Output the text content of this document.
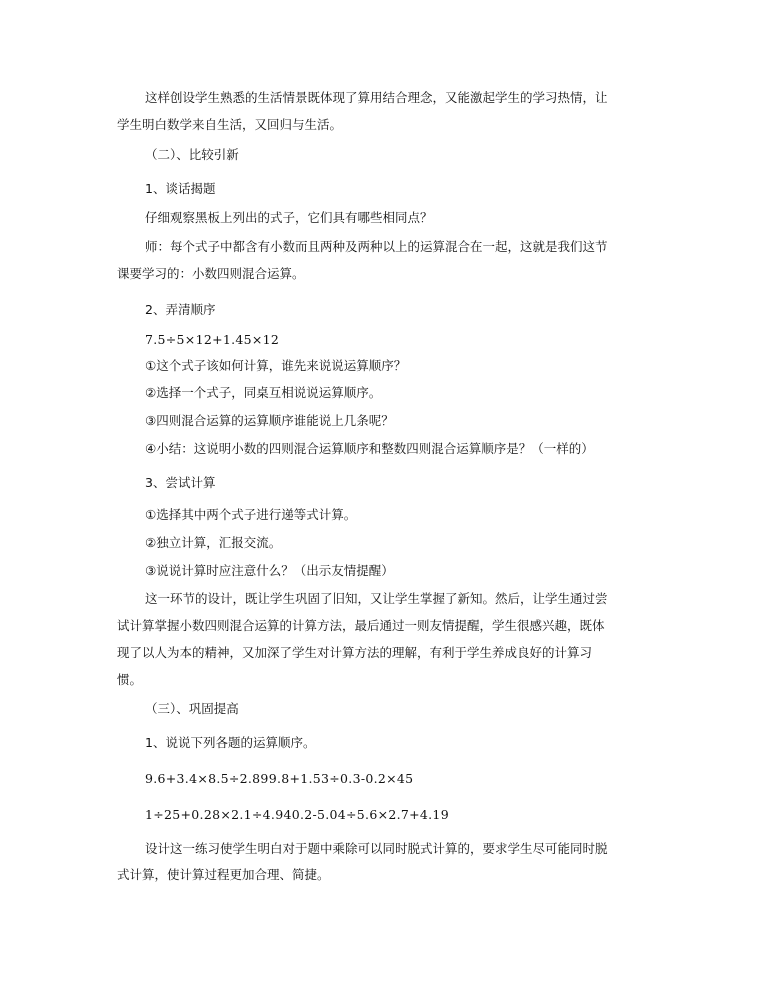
这样创设学生熟悉的生活情景既体现了算用结合理念，又能激起学生的学习热情，让
学生明白数学来自生活，又回归与生活。
（二）、比较引新
1、谈话揭题
仔细观察黑板上列出的式子，它们具有哪些相同点？
师：每个式子中都含有小数而且两种及两种以上的运算混合在一起，这就是我们这节
课要学习的：小数四则混合运算。
2、弄清顺序
7.5÷5×12+1.45×12
①这个式子该如何计算，谁先来说说运算顺序？
②选择一个式子，同桌互相说说运算顺序。
③四则混合运算的运算顺序谁能说上几条呢？
④小结：这说明小数的四则混合运算顺序和整数四则混合运算顺序是？（一样的）
3、尝试计算
①选择其中两个式子进行递等式计算。
②独立计算，汇报交流。
③说说计算时应注意什么？（出示友情提醒）
这一环节的设计，既让学生巩固了旧知，又让学生掌握了新知。然后，让学生通过尝
试计算掌握小数四则混合运算的计算方法，最后通过一则友情提醒，学生很感兴趣，既体
现了以人为本的精神，又加深了学生对计算方法的理解，有利于学生养成良好的计算习
惯。
（三）、巩固提高
1、说说下列各题的运算顺序。
9.6+3.4×8.5÷2.899.8+1.53÷0.3-0.2×45
1÷25+0.28×2.1÷4.940.2-5.04÷5.6×2.7+4.19
设计这一练习使学生明白对于题中乘除可以同时脱式计算的，要求学生尽可能同时脱
式计算，使计算过程更加合理、简捷。
